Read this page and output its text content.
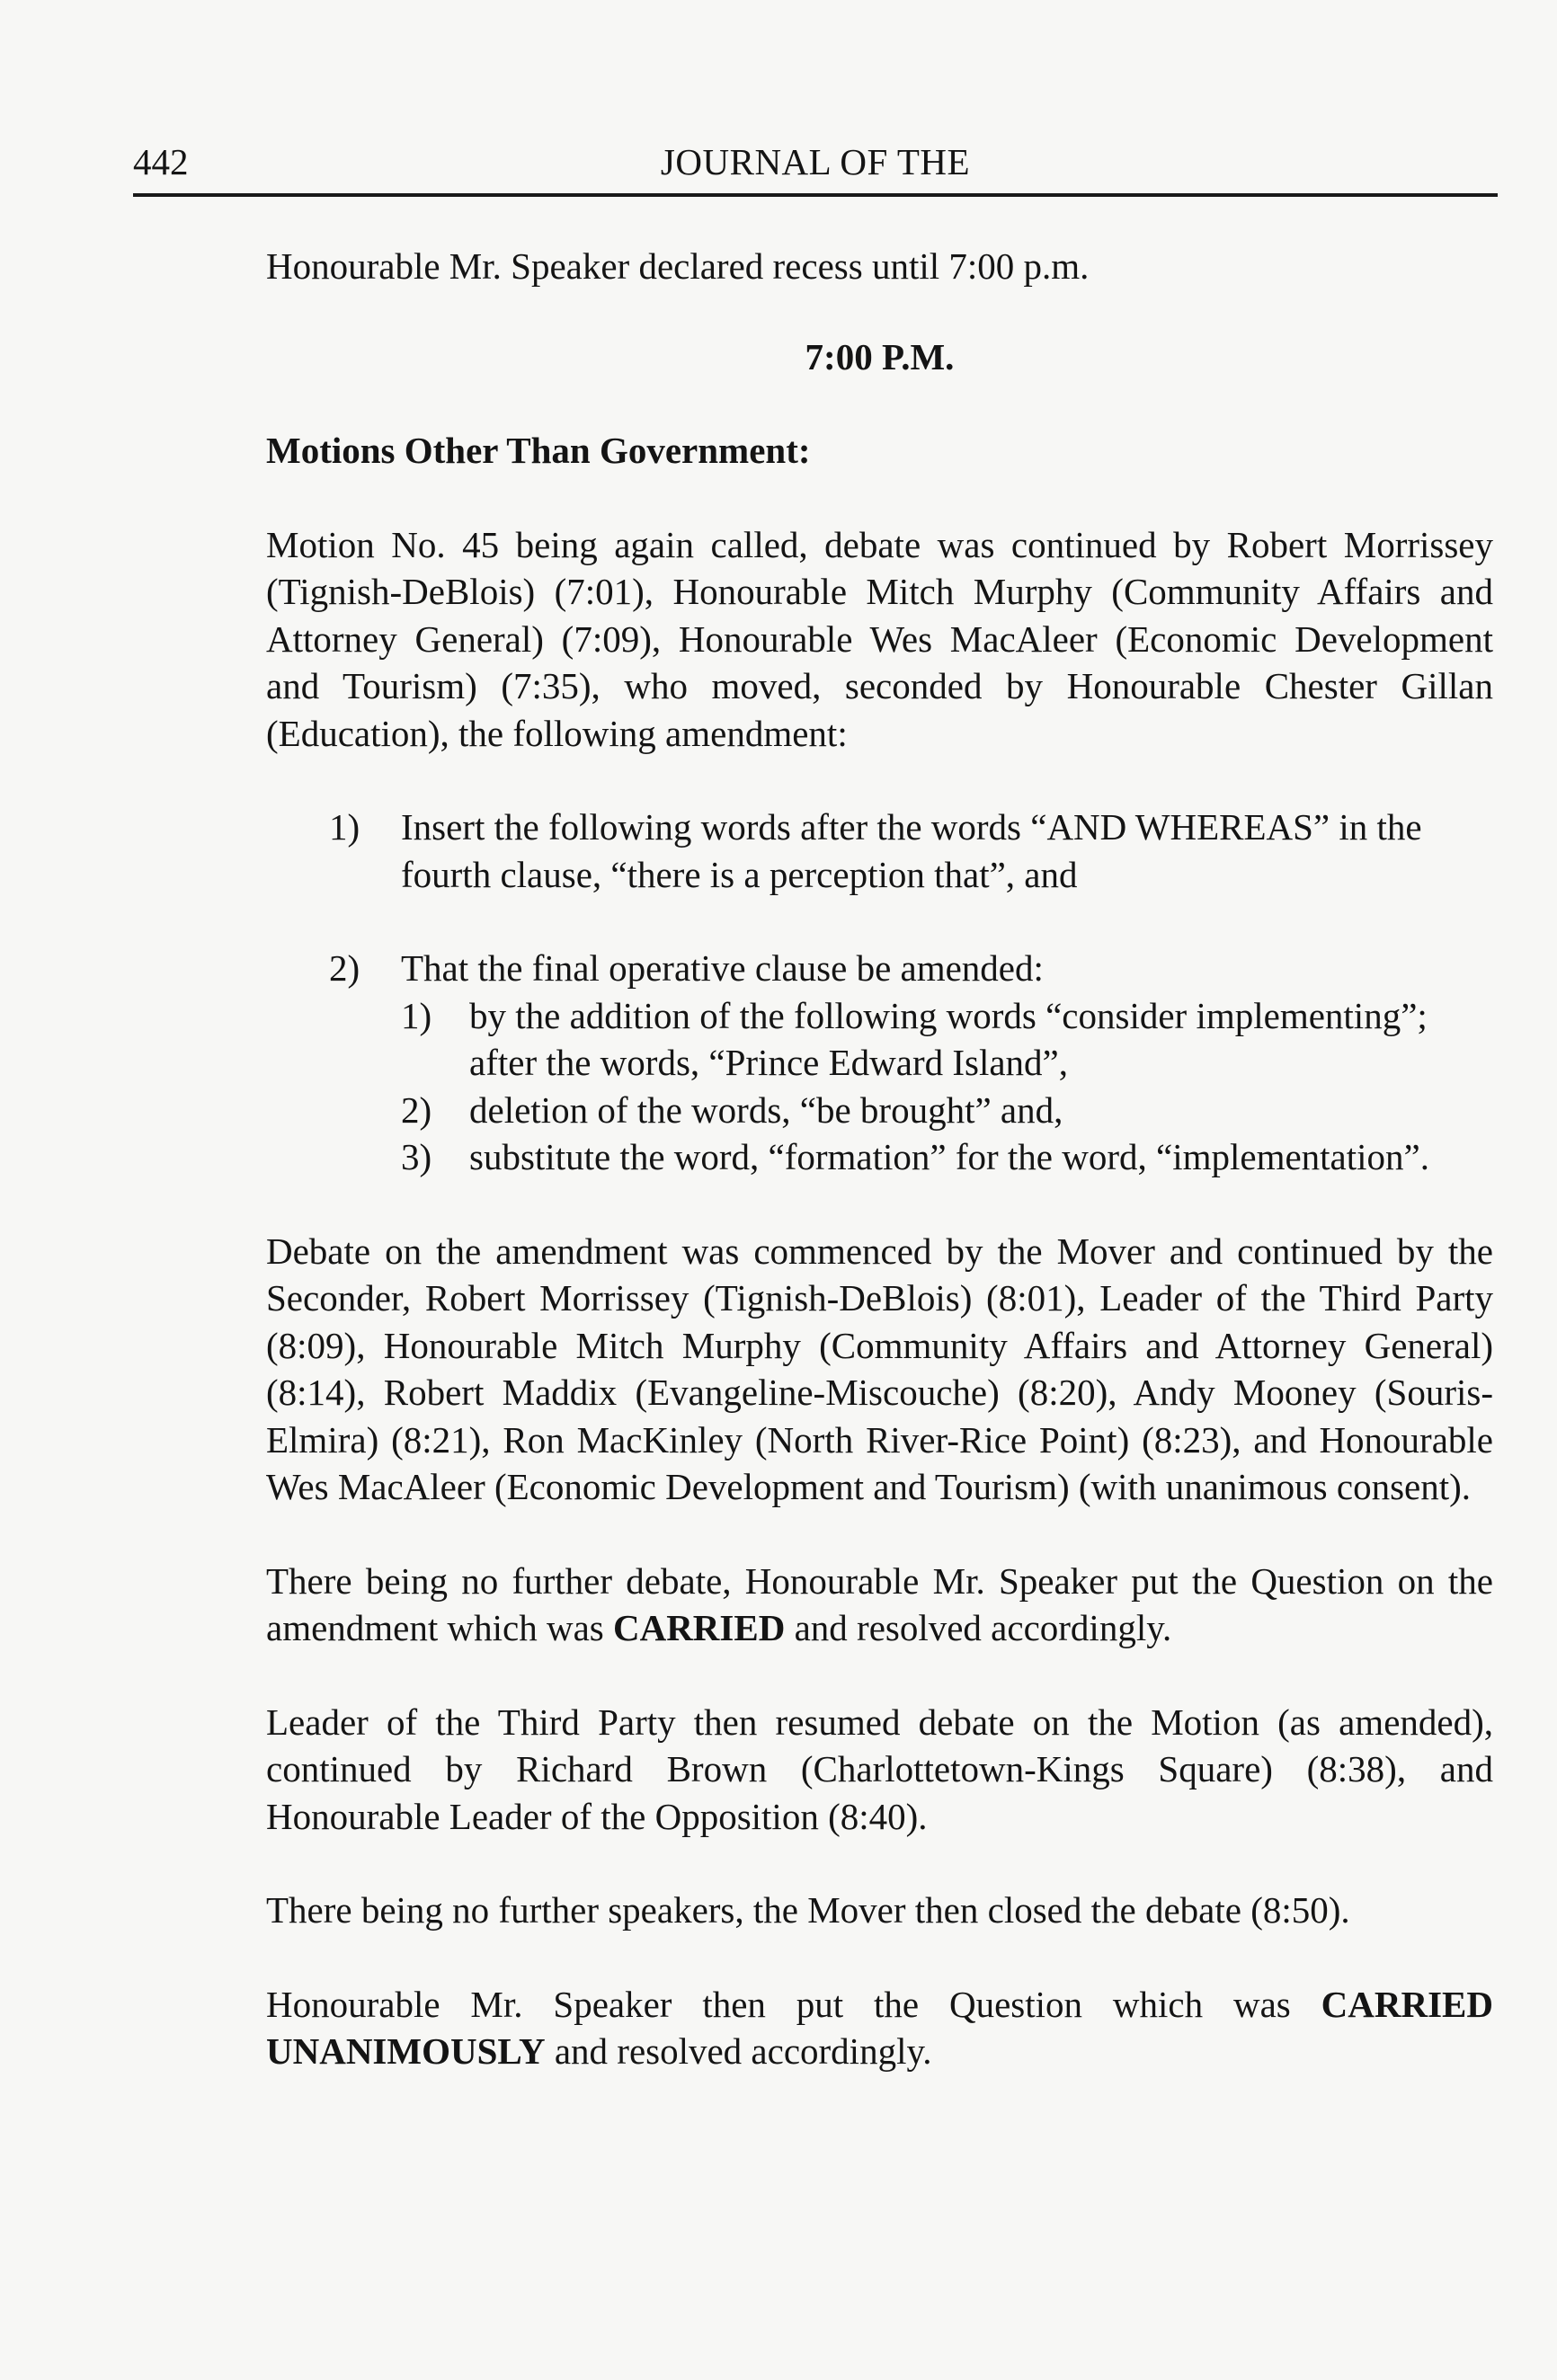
442	JOURNAL OF THE

Honourable Mr. Speaker declared recess until 7:00 p.m.

7:00 P.M.

Motions Other Than Government:

Motion No. 45 being again called, debate was continued by Robert Morrissey (Tignish-DeBlois) (7:01), Honourable Mitch Murphy (Community Affairs and Attorney General) (7:09), Honourable Wes MacAleer (Economic Development and Tourism) (7:35), who moved, seconded by Honourable Chester Gillan (Education), the following amendment:

1) Insert the following words after the words “AND WHEREAS” in the fourth clause, “there is a perception that”, and
2) That the final operative clause be amended:
1) by the addition of the following words “consider implementing”; after the words, “Prince Edward Island”,
2) deletion of the words, “be brought” and,
3) substitute the word, “formation” for the word, “implementation”.

Debate on the amendment was commenced by the Mover and continued by the Seconder, Robert Morrissey (Tignish-DeBlois) (8:01), Leader of the Third Party (8:09), Honourable Mitch Murphy (Community Affairs and Attorney General) (8:14), Robert Maddix (Evangeline-Miscouche) (8:20), Andy Mooney (Souris-Elmira) (8:21), Ron MacKinley (North River-Rice Point) (8:23), and Honourable Wes MacAleer (Economic Development and Tourism) (with unanimous consent).

There being no further debate, Honourable Mr. Speaker put the Question on the amendment which was CARRIED and resolved accordingly.

Leader of the Third Party then resumed debate on the Motion (as amended), continued by Richard Brown (Charlottetown-Kings Square) (8:38), and Honourable Leader of the Opposition (8:40).

There being no further speakers, the Mover then closed the debate (8:50).

Honourable Mr. Speaker then put the Question which was CARRIED UNANIMOUSLY and resolved accordingly.
